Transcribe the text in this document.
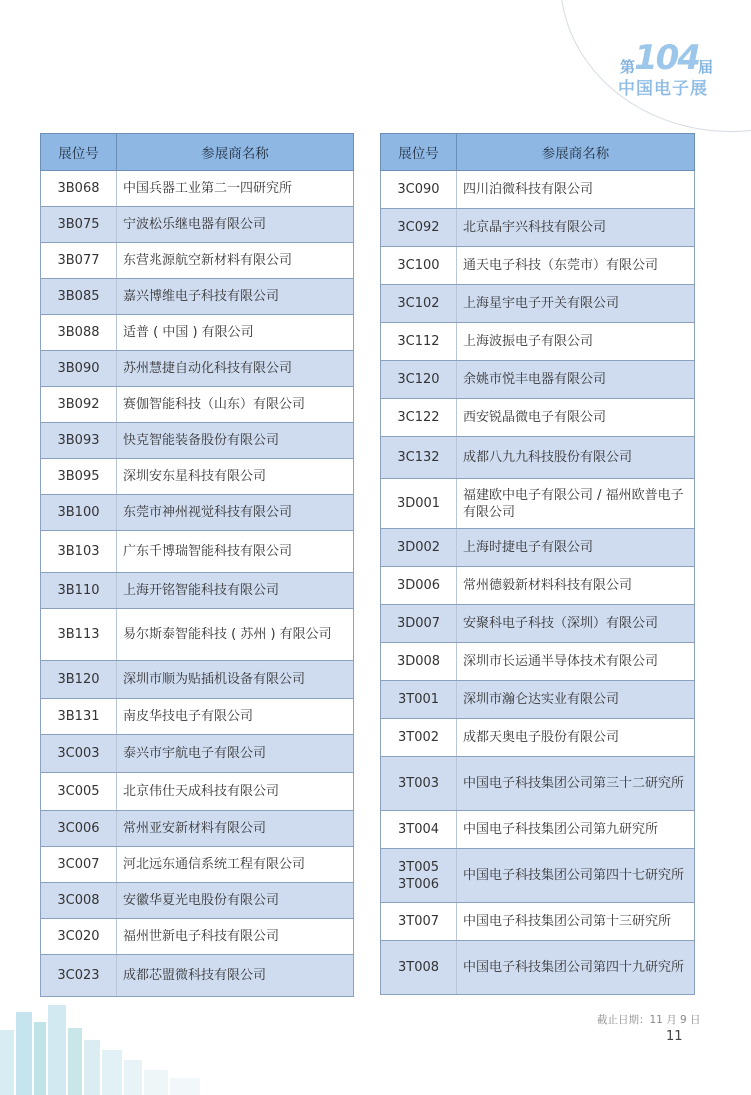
第
104 届
中国电子展
展位号	参展商名称

3B068	中国兵器工业第二一四研究所

3B075	宁波松乐继电器有限公司

3B077	东营兆源航空新材料有限公司

3B085	嘉兴博维电子科技有限公司

3B088	适普 ( 中国 ) 有限公司

3B090	苏州慧捷自动化科技有限公司

3B092	赛伽智能科技（山东）有限公司

3B093	快克智能装备股份有限公司

3B095	深圳安东星科技有限公司

3B100	东莞市神州视觉科技有限公司

3B103	广东千博瑞智能科技有限公司

3B110	上海开铭智能科技有限公司

3B113	易尔斯泰智能科技 ( 苏州 ) 有限公司

3B120	深圳市顺为贴插机设备有限公司

3B131	南皮华技电子有限公司

3C003	泰兴市宇航电子有限公司

3C005	北京伟仕天成科技有限公司

3C006	常州亚安新材料有限公司

3C007	河北远东通信系统工程有限公司

3C008	安徽华夏光电股份有限公司

3C020	福州世新电子科技有限公司

3C023	成都芯盟微科技有限公司
展位号	参展商名称

3C090	四川泊微科技有限公司

3C092	北京晶宇兴科技有限公司

3C100	通天电子科技（东莞市）有限公司

3C102	上海星宇电子开关有限公司

3C112	上海波振电子有限公司

3C120	余姚市悦丰电器有限公司

3C122	西安锐晶微电子有限公司

3C132	成都八九九科技股份有限公司

3D001	福建欧中电子有限公司 / 福州欧普电子有限公司

3D002	上海时捷电子有限公司

3D006	常州德毅新材料科技有限公司

3D007	安聚科电子科技（深圳）有限公司

3D008	深圳市长运通半导体技术有限公司

3T001	深圳市瀚仑达实业有限公司

3T002	成都天奥电子股份有限公司

3T003	中国电子科技集团公司第三十二研究所

3T004	中国电子科技集团公司第九研究所

3T005
3T006	中国电子科技集团公司第四十七研究所

3T007	中国电子科技集团公司第十三研究所

3T008	中国电子科技集团公司第四十九研究所
截止日期：11 月 9 日
11
